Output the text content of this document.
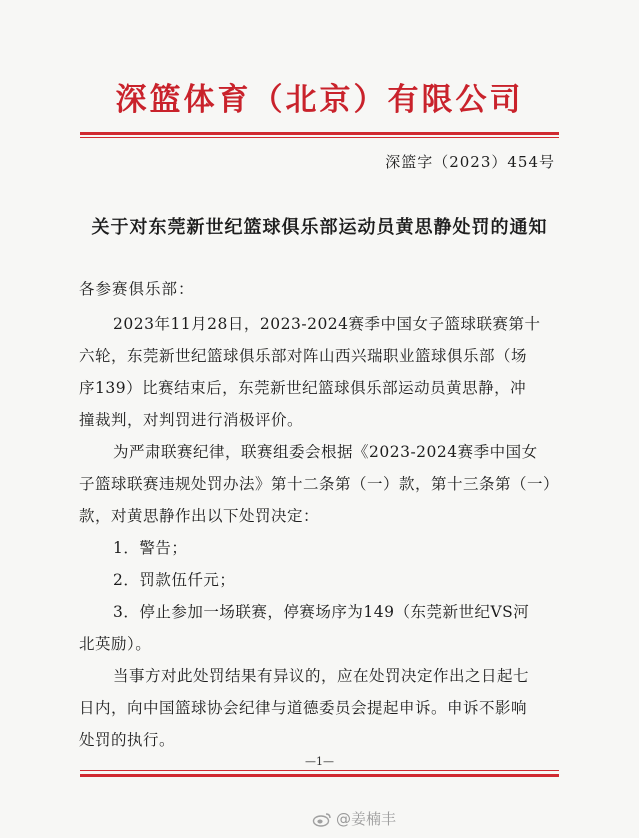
深篮体育（北京）有限公司
深篮字（2023）454号
关于对东莞新世纪篮球俱乐部运动员黄思静处罚的通知
各参赛俱乐部：
2023年11月28日，2023-2024赛季中国女子篮球联赛第十
六轮，东莞新世纪篮球俱乐部对阵山西兴瑞职业篮球俱乐部（场
序139）比赛结束后，东莞新世纪篮球俱乐部运动员黄思静，冲
撞裁判，对判罚进行消极评价。
为严肃联赛纪律，联赛组委会根据《2023-2024赛季中国女
子篮球联赛违规处罚办法》第十二条第（一）款，第十三条第（一）
款，对黄思静作出以下处罚决定：
1．警告；
2．罚款伍仟元；
3．停止参加一场联赛，停赛场序为149（东莞新世纪VS河
北英励）。
当事方对此处罚结果有异议的，应在处罚决定作出之日起七
日内，向中国篮球协会纪律与道德委员会提起申诉。申诉不影响
处罚的执行。
—1—
@姜楠丰
